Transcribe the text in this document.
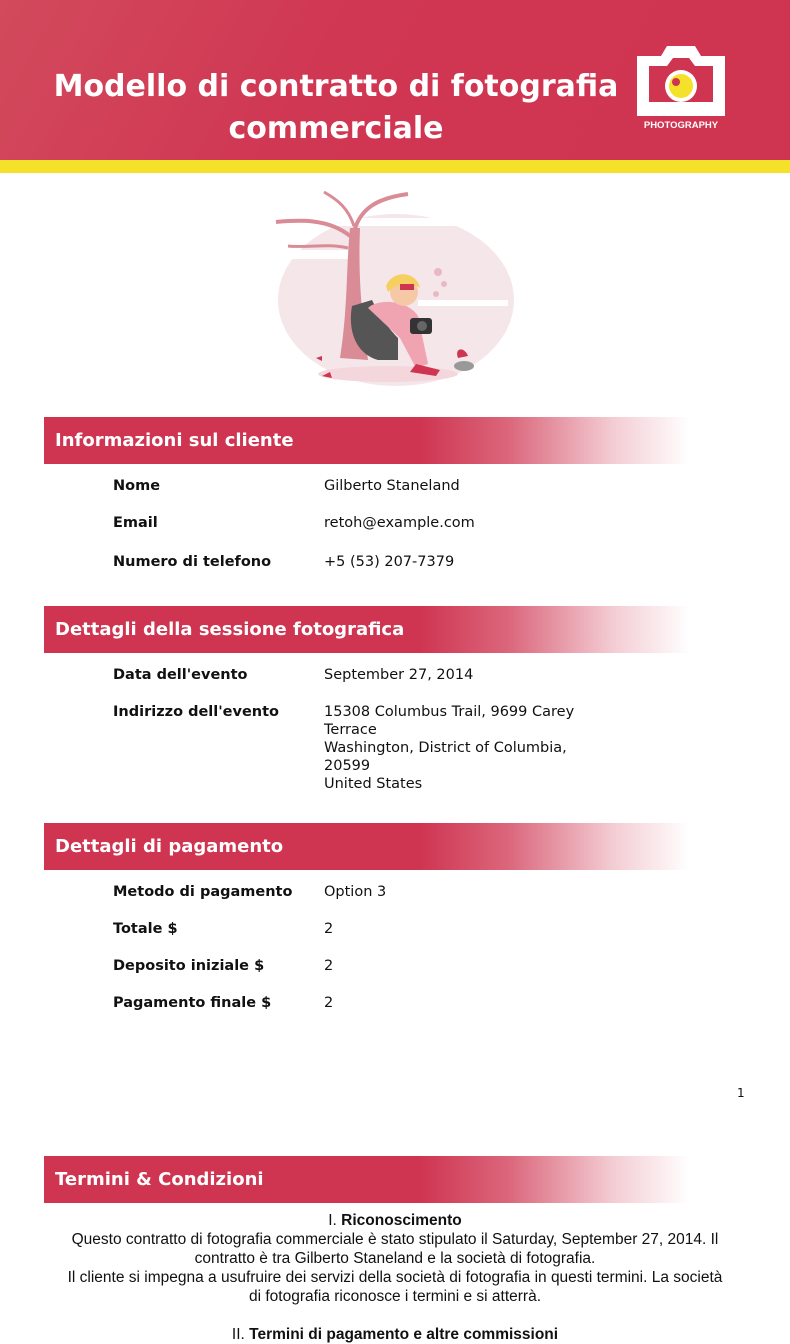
Modello di contratto di fotografia commerciale	PHOTOGRAPHY
Informazioni sul cliente
Nome	Gilberto Staneland
Email	retoh@example.com
Numero di telefono	+5 (53) 207-7379
Dettagli della sessione fotografica
Data dell'evento	September 27, 2014
Indirizzo dell'evento	15308 Columbus Trail, 9699 Carey
Terrace
Washington, District of Columbia,
20599
United States
Dettagli di pagamento
Metodo di pagamento Option 3
Totale $	2
Deposito iniziale $	2
Pagamento finale $	2
1
Termini & Condizioni

I. Riconoscimento

Questo contratto di fotografia commerciale è stato stipulato il Saturday, September 27, 2014. Il

contratto è tra Gilberto Staneland e la società di fotografia.

Il cliente si impegna a usufruire dei servizi della società di fotografia in questi termini. La società

di fotografia riconosce i termini e si atterrà.

II. Termini di pagamento e altre commissioni
